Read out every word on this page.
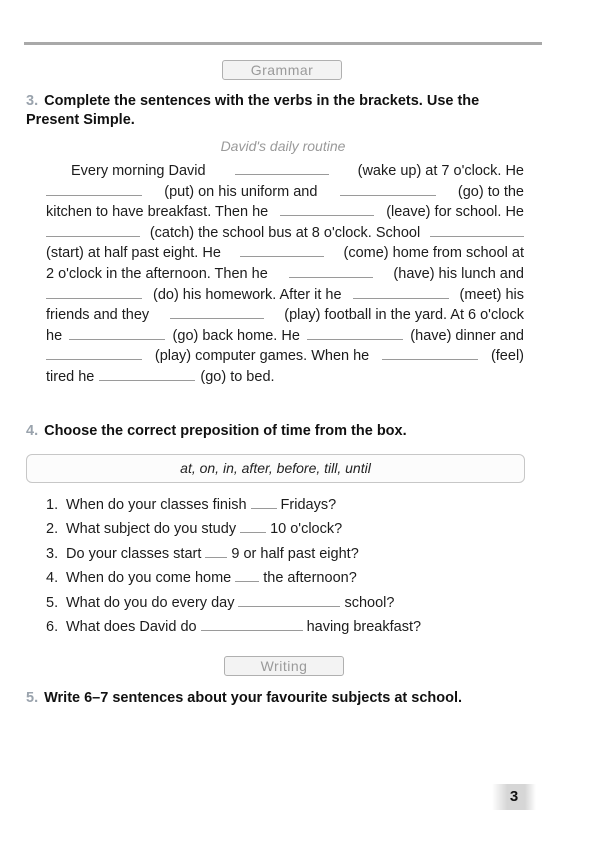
Grammar
3. Complete the sentences with the verbs in the brackets. Use the
Present Simple.
David's daily routine
Every morning David	(wake up) at 7 o'clock. He
(put) on his uniform and	(go) to the
kitchen to have breakfast. Then he	(leave) for school. He
(catch) the school bus at 8 o'clock. School
(start) at half past eight. He	(come) home from school at
2 o'clock in the afternoon. Then he	(have) his lunch and
(do) his homework. After it he	(meet) his
friends and they	(play) football in the yard. At 6 o'clock
he	(go) back home. He	(have) dinner and
(play) computer games. When he	(feel)
tired he	(go) to bed.
4. Choose the correct preposition of time from the box.
at, on, in, after, before, till, until
1. When do your classes finish Fridays?
2. What subject do you study 10 o'clock?
3. Do your classes start 9 or half past eight?
4. When do you come home the afternoon?
5. What do you do every day	school?
6. What does David do	having breakfast?
Writing
5. Write 6–7 sentences about your favourite subjects at school.
3
